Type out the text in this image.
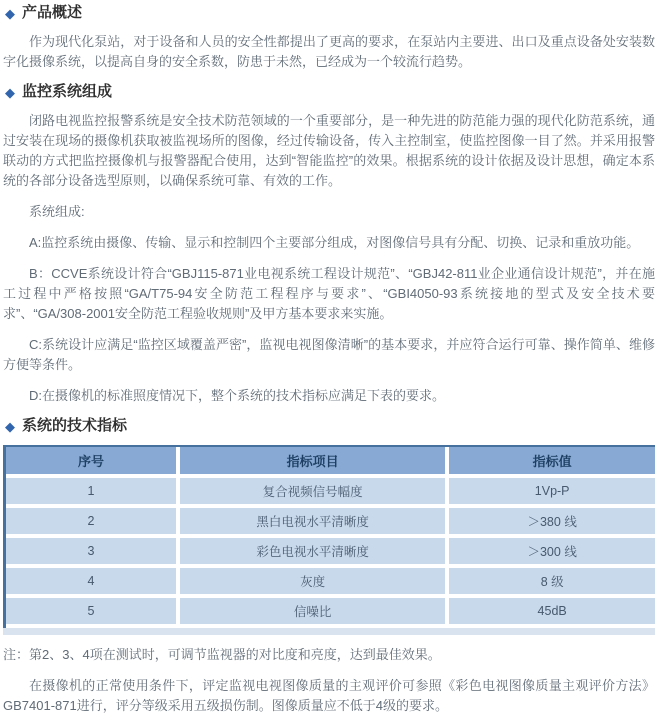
◆ 产品概述

作为现代化泵站，对于设备和人员的安全性都提出了更高的要求，在泵站内主要进、出口及重点设备处安装数字化摄像系统，以提高自身的安全系数，防患于未然，已经成为一个较流行趋势。

◆ 监控系统组成

闭路电视监控报警系统是安全技术防范领域的一个重要部分，是一种先进的防范能力强的现代化防范系统，通过安装在现场的摄像机获取被监视场所的图像，经过传输设备，传入主控制室，使监控图像一目了然。并采用报警联动的方式把监控摄像机与报警器配合使用，达到“智能监控”的效果。根据系统的设计依据及设计思想，确定本系统的各部分设备选型原则，以确保系统可靠、有效的工作。

系统组成:

A:监控系统由摄像、传输、显示和控制四个主要部分组成，对图像信号具有分配、切换、记录和重放功能。

B：CCVE系统设计符合“GBJ115-871业电视系统工程设计规范”、“GBJ42-811业企业通信设计规范”，并在施工过程中严格按照“GA/T75-94安全防范工程程序与要求”、“GBI4050-93系统接地的型式及安全技术要求”、“GA/308-2001安全防范工程验收规则”及甲方基本要求来实施。

C:系统设计应满足“监控区域覆盖严密”，监视电视图像清晰”的基本要求，并应符合运行可靠、操作简单、维修方便等条件。

D:在摄像机的标准照度情况下，整个系统的技术指标应满足下表的要求。

◆ 系统的技术指标
序号	指标项目	指标值
1	复合视频信号幅度	1Vp-P
2	黑白电视水平清晰度	＞380 线
3	彩色电视水平清晰度	＞300 线
4	灰度	8 级
5	信噪比	45dB

注：第2、3、4项在测试时，可调节监视器的对比度和亮度，达到最佳效果。

在摄像机的正常使用条件下，评定监视电视图像质量的主观评价可参照《彩色电视图像质量主观评价方法》GB7401-871进行，评分等级采用五级损伤制。图像质量应不低于4级的要求。
